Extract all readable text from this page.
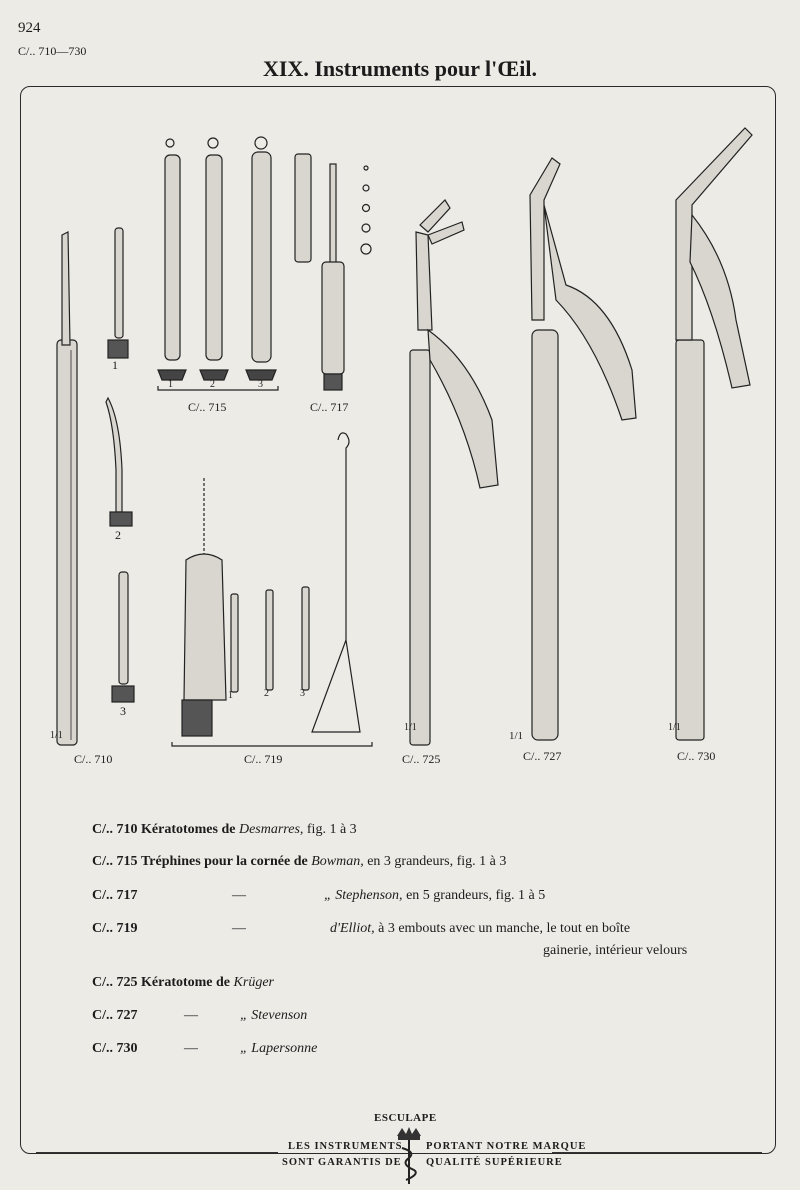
924
C/.. 710—730
XIX. Instruments pour l'Œil.
1
2
3
1	2	3
1	2	3
1/1
1/1
1/1
1/1
C/.. 710
C/.. 715	C/.. 717
C/.. 719	C/.. 725	C/.. 727	C/.. 730
C/.. 710 Kératotomes de Desmarres, fig. 1 à 3
C/.. 715 Tréphines pour la cornée de Bowman, en 3 grandeurs, fig. 1 à 3
C/.. 717	—	„ Stephenson, en 5 grandeurs, fig. 1 à 5
C/.. 719	—	d'Elliot, à 3 embouts avec un manche, le tout en boîte
gainerie, intérieur velours
C/.. 725 Kératotome de Krüger
C/.. 727	—	„ Stevenson
C/.. 730	—	„ Lapersonne
ESCULAPE
LES INSTRUMENTS
SONT GARANTIS DE
PORTANT NOTRE MARQUE
QUALITÉ SUPÉRIEURE
